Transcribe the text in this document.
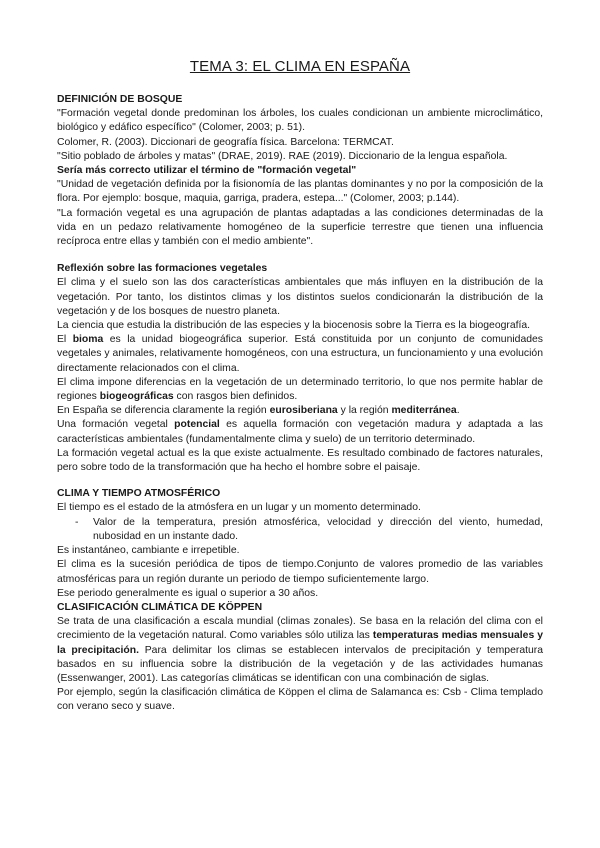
TEMA 3: EL CLIMA EN ESPAÑA
DEFINICIÓN DE BOSQUE

"Formación vegetal donde predominan los árboles, los cuales condicionan un ambiente microclimático, biológico y edáfico específico" (Colomer, 2003; p. 51).

Colomer, R. (2003). Diccionari de geografía física. Barcelona: TERMCAT.

"Sitio poblado de árboles y matas" (DRAE, 2019). RAE (2019). Diccionario de la lengua española.

Sería más correcto utilizar el término de "formación vegetal"

"Unidad de vegetación definida por la fisionomía de las plantas dominantes y no por la composición de la flora. Por ejemplo: bosque, maquia, garriga, pradera, estepa..." (Colomer, 2003; p.144).

"La formación vegetal es una agrupación de plantas adaptadas a las condiciones determinadas de la vida en un pedazo relativamente homogéneo de la superficie terrestre que tienen una influencia recíproca entre ellas y también con el medio ambiente".

Reflexión sobre las formaciones vegetales

El clima y el suelo son las dos características ambientales que más influyen en la distribución de la vegetación. Por tanto, los distintos climas y los distintos suelos condicionarán la distribución de la vegetación y de los bosques de nuestro planeta.

La ciencia que estudia la distribución de las especies y la biocenosis sobre la Tierra es la biogeografía.

El bioma es la unidad biogeográfica superior. Está constituida por un conjunto de comunidades vegetales y animales, relativamente homogéneos, con una estructura, un funcionamiento y una evolución directamente relacionados con el clima.

El clima impone diferencias en la vegetación de un determinado territorio, lo que nos permite hablar de regiones biogeográficas con rasgos bien definidos.

En España se diferencia claramente la región eurosiberiana y la región mediterránea.

Una formación vegetal potencial es aquella formación con vegetación madura y adaptada a las características ambientales (fundamentalmente clima y suelo) de un territorio determinado.

La formación vegetal actual es la que existe actualmente. Es resultado combinado de factores naturales, pero sobre todo de la transformación que ha hecho el hombre sobre el paisaje.

CLIMA Y TIEMPO ATMOSFÉRICO

El tiempo es el estado de la atmósfera en un lugar y un momento determinado.

- Valor de la temperatura, presión atmosférica, velocidad y dirección del viento, humedad, nubosidad en un instante dado.

Es instantáneo, cambiante e irrepetible.

El clima es la sucesión periódica de tipos de tiempo.Conjunto de valores promedio de las variables atmosféricas para un región durante un periodo de tiempo suficientemente largo.

Ese periodo generalmente es igual o superior a 30 años.

CLASIFICACIÓN CLIMÁTICA DE KÖPPEN

Se trata de una clasificación a escala mundial (climas zonales). Se basa en la relación del clima con el crecimiento de la vegetación natural. Como variables sólo utiliza las temperaturas medias mensuales y la precipitación. Para delimitar los climas se establecen intervalos de precipitación y temperatura basados en su influencia sobre la distribución de la vegetación y de las actividades humanas (Essenwanger, 2001). Las categorías climáticas se identifican con una combinación de siglas.

Por ejemplo, según la clasificación climática de Köppen el clima de Salamanca es: Csb - Clima templado con verano seco y suave.
